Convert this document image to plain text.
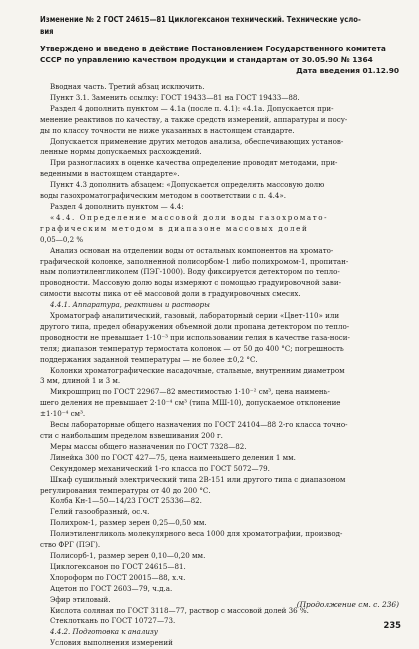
Изменение № 2 ГОСТ 24615—81 Циклогексанон технический. Технические усло-
вия
Утверждено и введено в действие Постановлением Государственного комитета
СССР по управлению качеством продукции и стандартам от 30.05.90 № 1364
Дата введения 01.12.90
Вводная часть. Третий абзац исключить.
Пункт 3.1. Заменить ссылку: ГОСТ 19433—81 на ГОСТ 19433—88.
Раздел 4 дополнить пунктом — 4.1а (после п. 4.1): «4.1а. Допускается при-
менение реактивов по качеству, а также средств измерений, аппаратуры и посу-
ды по классу точности не ниже указанных в настоящем стандарте.
Допускается применение других методов анализа, обеспечивающих установ-
ленные нормы допускаемых расхождений.
При разногласиях в оценке качества определение проводят методами, при-
веденными в настоящем стандарте».
Пункт 4.3 дополнить абзацем: «Допускается определять массовую долю
воды газохроматографическим методом в соответствии с п. 4.4».
Раздел 4 дополнить пунктом — 4.4:
«4.4. Определение массовой доли воды газохромато-
графическим методом в диапазоне массовых долей
0,05—0,2 %
Анализ основан на отделении воды от остальных компонентов на хромато-
графической колонке, заполненной полисорбом-1 либо полихромом-1, пропитан-
ным полиэтиленгликолем (ПЭГ-1000). Воду фиксируется детектором по тепло-
проводности. Массовую долю воды измеряют с помощью градуировочной зави-
симости высоты пика от её массовой доли в градуировочных смесях.
4.4.1. Аппаратура, реактивы и растворы
Хроматограф аналитический, газовый, лабораторный серии «Цвет-110» или
другого типа, предел обнаружения объемной доли пропана детектором по тепло-
проводности не превышает 1·10⁻³ при использовании гелия в качестве газа-носи-
теля; диапазон температур термостата колонок — от 50 до 400 °С; погрешность
поддержания заданной температуры — не более ±0,2 °С.
Колонки хроматографические насадочные, стальные, внутренним диаметром
3 мм, длиной 1 и 3 м.
Микрошприц по ГОСТ 22967—82 вместимостью 1·10⁻² см³, цена наимень-
шего деления не превышает 2·10⁻⁴ см³ (типа МШ-10), допускаемое отклонение
±1·10⁻⁴ см³.
Весы лабораторные общего назначения по ГОСТ 24104—88 2-го класса точно-
сти с наибольшим пределом взвешивания 200 г.
Меры массы общего назначения по ГОСТ 7328—82.
Линейка 300 по ГОСТ 427—75, цена наименьшего деления 1 мм.
Секундомер механический 1-го класса по ГОСТ 5072—79.
Шкаф сушильный электрический типа 2В-151 или другого типа с диапазоном
регулирования температуры от 40 до 200 °С.
Колба Кн-1—50—14/23 ГОСТ 25336—82.
Гелий газообразный, ос.ч.
Полихром-1, размер зерен 0,25—0,50 мм.
Полиэтиленгликоль молекулярного веса 1000 для хроматографии, производ-
ство ФРГ (ПЭГ).
Полисорб-1, размер зерен 0,10—0,20 мм.
Циклогексанон по ГОСТ 24615—81.
Хлороформ по ГОСТ 20015—88, х.ч.
Ацетон по ГОСТ 2603—79, ч.д.а.
Эфир этиловый.
Кислота соляная по ГОСТ 3118—77, раствор с массовой долей 36 %.
Стеклоткань по ГОСТ 10727—73.
4.4.2. Подготовка к анализу
Условия выполнения измерений
(Продолжение см. с. 236)
235
